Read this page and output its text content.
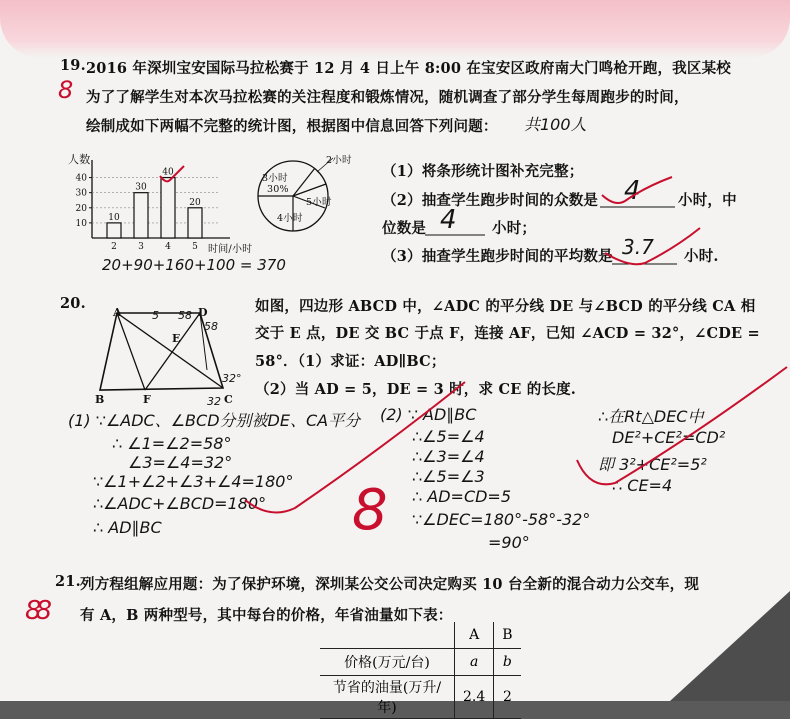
19. 2016 年深圳宝安国际马拉松赛于 12 月 4 日上午 8:00 在宝安区政府南大门鸣枪开跑，我区某校
8 为了了解学生对本次马拉松赛的关注程度和锻炼情况，随机调查了部分学生每周跑步的时间，
绘制成如下两幅不完整的统计图，根据图中信息回答下列问题： 共100人
人数
时间/小时
10
20
30
40
10
2
30
3
40
4
20
5
20+90+160+100 = 370
3小时
30%
4小时
5小时
2小时
（1）将条形统计图补充完整；
（2）抽查学生跑步时间的众数是 4	小时，中
位数是 4 小时；
（3）抽查学生跑步时间的平均数是 3.7 小时.
20.
A	D
B	F	C
E
5 58
58
32°
32
如图，四边形 ABCD 中，∠ADC 的平分线 DE 与∠BCD 的平分线 CA 相
交于 E 点，DE 交 BC 于点 F，连接 AF，已知 ∠ACD = 32°，∠CDE =
58°．（1）求证：AD∥BC；
（2）当 AD = 5，DE = 3 时，求 CE 的长度.
(1) ∵∠ADC、∠BCD分别被DE、CA平分
∴ ∠1=∠2=58°
∠3=∠4=32°
∵∠1+∠2+∠3+∠4=180°
∴∠ADC+∠BCD=180°
∴ AD∥BC
(2) ∵ AD∥BC
∴∠5=∠4
∴∠3=∠4
∴∠5=∠3
∴ AD=CD=5
∵∠DEC=180°-58°-32°
=90°
∴在Rt△DEC中
DE²+CE²=CD²
即 3²+CE²=5²
∴ CE=4
8
21. 列方程组解应用题：为了保护环境，深圳某公交公司决定购买 10 台全新的混合动力公交车，现
88 有 A，B 两种型号，其中每台的价格，年省油量如下表：
	A	B
价格(万元/台)	a	b
节省的油量(万升/年)	2.4	2
